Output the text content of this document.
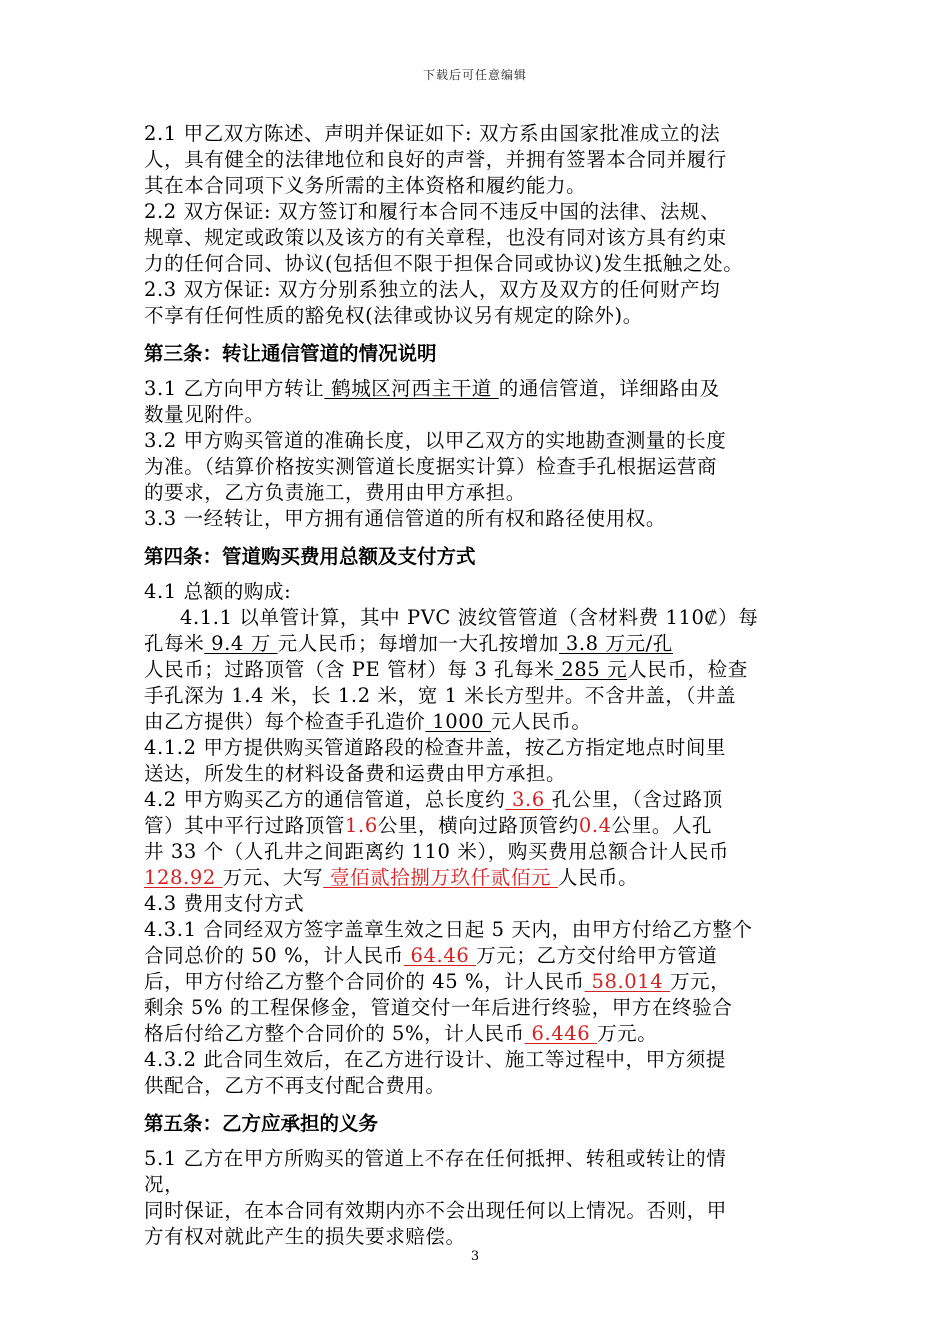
下载后可任意编辑
2.1 甲乙双方陈述、声明并保证如下: 双方系由国家批准成立的法
人，具有健全的法律地位和良好的声誉，并拥有签署本合同并履行
其在本合同项下义务所需的主体资格和履约能力。
2.2 双方保证: 双方签订和履行本合同不违反中国的法律、法规、
规章、规定或政策以及该方的有关章程，也没有同对该方具有约束
力的任何合同、协议(包括但不限于担保合同或协议)发生抵触之处。
2.3 双方保证: 双方分别系独立的法人，双方及双方的任何财产均
不享有任何性质的豁免权(法律或协议另有规定的除外)。
第三条：转让通信管道的情况说明
3.1 乙方向甲方转让 鹤城区河西主干道 的通信管道，详细路由及
数量见附件。
3.2 甲方购买管道的准确长度，以甲乙双方的实地勘查测量的长度
为准。（结算价格按实测管道长度据实计算）检查手孔根据运营商
的要求，乙方负责施工，费用由甲方承担。
3.3 一经转让，甲方拥有通信管道的所有权和路径使用权。
第四条：管道购买费用总额及支付方式
4.1 总额的购成:
4.1.1 以单管计算，其中 PVC 波纹管管道（含材料费 110₡）每
孔每米 9.4 万 元人民币；每增加一大孔按增加 3.8 万元/孔
人民币；过路顶管（含 PE 管材）每 3 孔每米 285 元人民币，检查
手孔深为 1.4 米，长 1.2 米，宽 1 米长方型井。不含井盖，（井盖
由乙方提供）每个检查手孔造价 1000 元人民币。
4.1.2 甲方提供购买管道路段的检查井盖，按乙方指定地点时间里
送达，所发生的材料设备费和运费由甲方承担。
4.2 甲方购买乙方的通信管道，总长度约 3.6 孔公里，（含过路顶
管）其中平行过路顶管1.6公里，横向过路顶管约0.4公里。人孔
井 33 个（人孔井之间距离约 110 米），购买费用总额合计人民币
128.92 万元、大写 壹佰贰拾捌万玖仟贰佰元 人民币。
4.3 费用支付方式
4.3.1 合同经双方签字盖章生效之日起 5 天内，由甲方付给乙方整个
合同总价的 50 %，计人民币 64.46 万元；乙方交付给甲方管道
后，甲方付给乙方整个合同价的 45 %，计人民币 58.014 万元，
剩余 5% 的工程保修金，管道交付一年后进行终验，甲方在终验合
格后付给乙方整个合同价的 5%，计人民币 6.446 万元。
4.3.2 此合同生效后，在乙方进行设计、施工等过程中，甲方须提
供配合，乙方不再支付配合费用。
第五条：乙方应承担的义务
5.1 乙方在甲方所购买的管道上不存在任何抵押、转租或转让的情
况，
同时保证，在本合同有效期内亦不会出现任何以上情况。否则，甲
方有权对就此产生的损失要求赔偿。
3
